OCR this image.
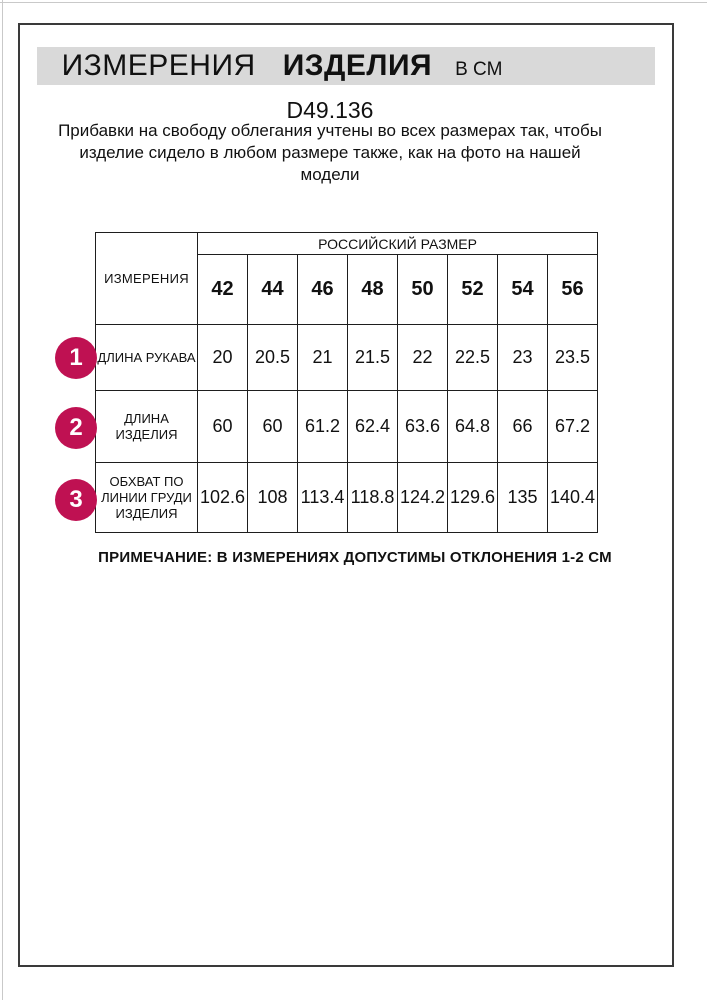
ИЗМЕРЕНИЯ ИЗДЕЛИЯ В СМ
D49.136
Прибавки на свободу облегания учтены во всех размерах так, чтобы
изделие сидело в любом размере также, как на фото на нашей
модели
ИЗМЕРЕНИЯ	РОССИЙСКИЙ РАЗМЕР							
	42	44	46	48	50	52	54	56
ДЛИНА РУКАВА	20	20.5	21	21.5	22	22.5	23	23.5
ДЛИНА ИЗДЕЛИЯ	60	60	61.2	62.4	63.6	64.8	66	67.2
ОБХВАТ ПО ЛИНИИ ГРУДИ ИЗДЕЛИЯ	102.6	108	113.4	118.8	124.2	129.6	135	140.4
1
2
3
ПРИМЕЧАНИЕ: В ИЗМЕРЕНИЯХ ДОПУСТИМЫ ОТКЛОНЕНИЯ 1-2 СМ
